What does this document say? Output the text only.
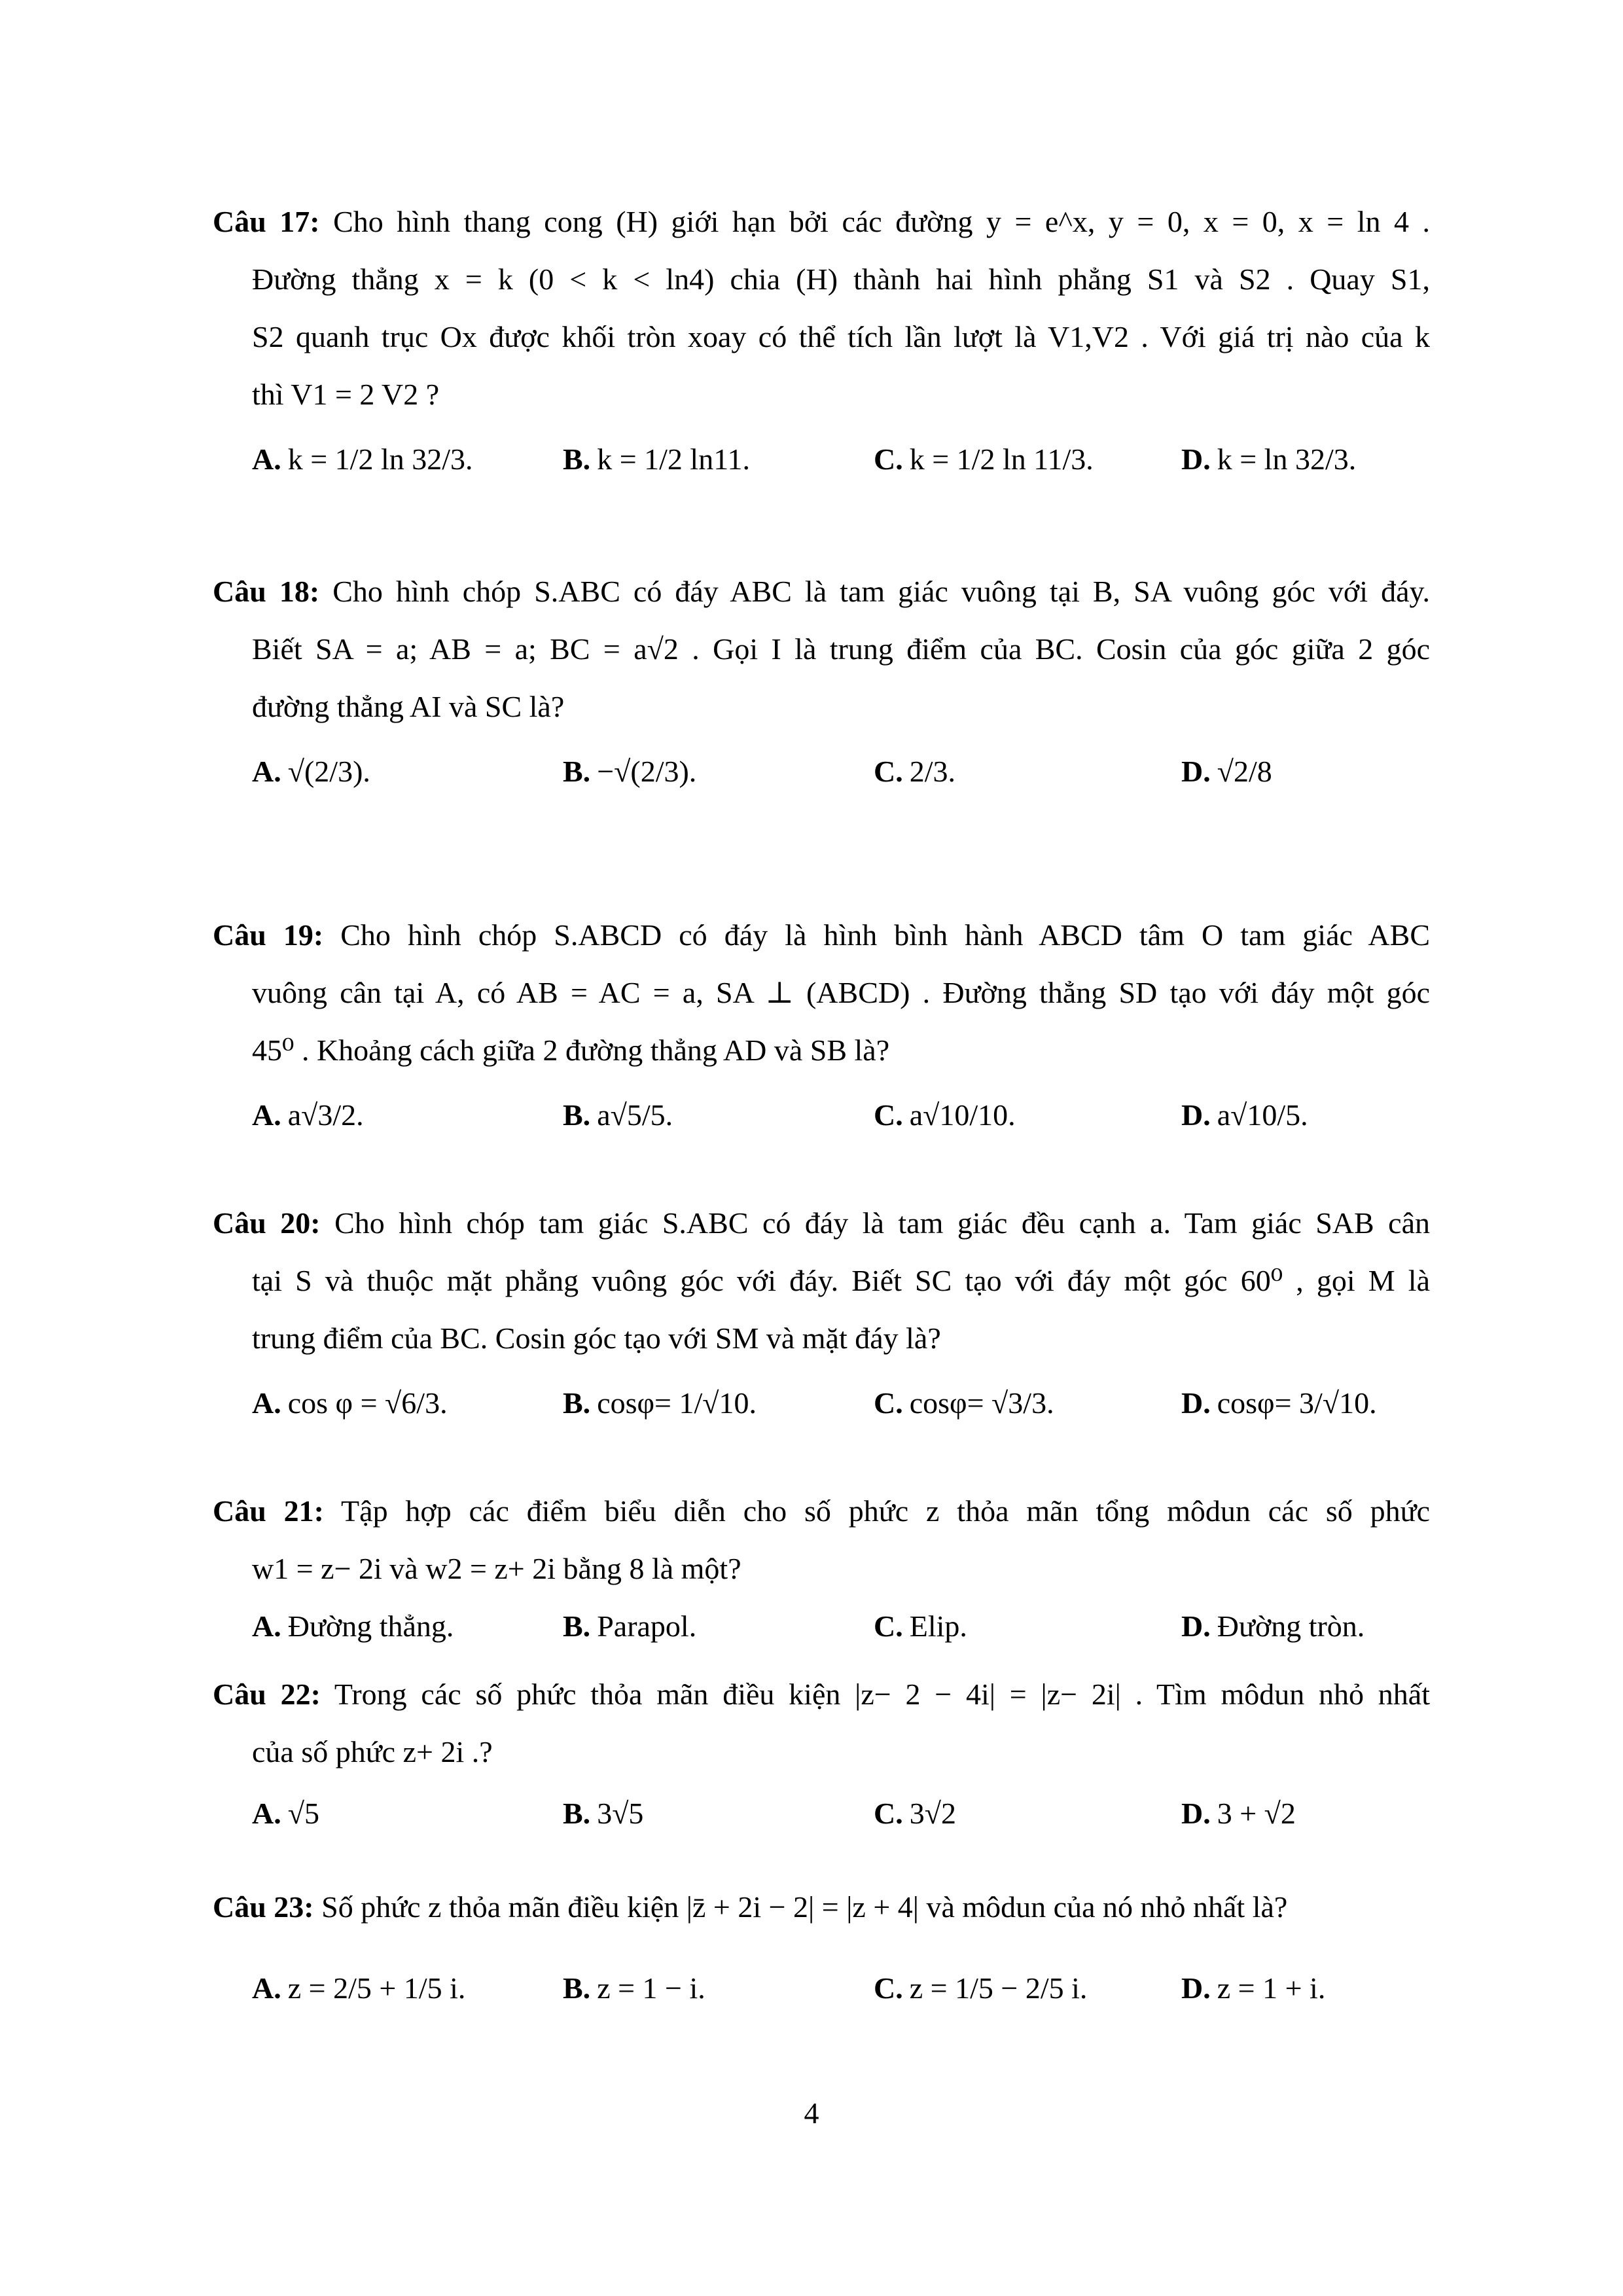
Câu 17: Cho hình thang cong (H) giới hạn bởi các đường y = e^x, y = 0, x = 0, x = ln 4 .

Đường thẳng x = k (0 < k < ln4) chia (H) thành hai hình phẳng S1 và S2 . Quay S1,

S2 quanh trục Ox được khối tròn xoay có thể tích lần lượt là V1,V2 . Với giá trị nào của k

thì V1 = 2 V2 ?

A. k = 1/2 ln 32/3.	B. k = 1/2 ln11.	C. k = 1/2 ln 11/3.	D. k = ln 32/3.

Câu 18: Cho hình chóp S.ABC có đáy ABC là tam giác vuông tại B, SA vuông góc với đáy.

Biết SA = a; AB = a; BC = a√2 . Gọi I là trung điểm của BC. Cosin của góc giữa 2 góc

đường thẳng AI và SC là?

A. √(2/3).	B. −√(2/3).	C. 2/3.	D. √2/8

Câu 19: Cho hình chóp S.ABCD có đáy là hình bình hành ABCD tâm O tam giác ABC

vuông cân tại A, có AB = AC = a, SA ⊥ (ABCD) . Đường thẳng SD tạo với đáy một góc

45⁰ . Khoảng cách giữa 2 đường thẳng AD và SB là?

A. a√3/2.	B. a√5/5.	C. a√10/10.	D. a√10/5.

Câu 20: Cho hình chóp tam giác S.ABC có đáy là tam giác đều cạnh a. Tam giác SAB cân

tại S và thuộc mặt phẳng vuông góc với đáy. Biết SC tạo với đáy một góc 60⁰ , gọi M là

trung điểm của BC. Cosin góc tạo với SM và mặt đáy là?

A. cos φ = √6/3.	B. cosφ= 1/√10.	C. cosφ= √3/3.	D. cosφ= 3/√10.

Câu 21: Tập hợp các điểm biểu diễn cho số phức z thỏa mãn tổng môdun các số phức

w1 = z− 2i và w2 = z+ 2i bằng 8 là một?

A. Đường thẳng.	B. Parapol.	C. Elip.	D. Đường tròn.

Câu 22: Trong các số phức thỏa mãn điều kiện |z− 2 − 4i| = |z− 2i| . Tìm môdun nhỏ nhất

của số phức z+ 2i .?

A. √5	B. 3√5	C. 3√2	D. 3 + √2

Câu 23: Số phức z thỏa mãn điều kiện |z̄ + 2i − 2| = |z + 4| và môdun của nó nhỏ nhất là?

A. z = 2/5 + 1/5 i.	B. z = 1 − i.	C. z = 1/5 − 2/5 i.	D. z = 1 + i.
4
